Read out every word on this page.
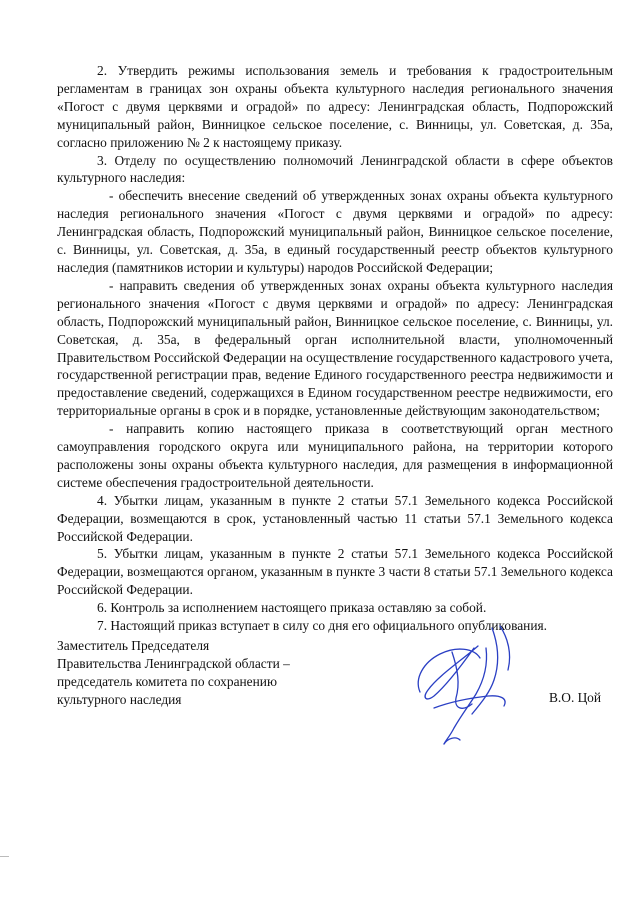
2. Утвердить режимы использования земель и требования к градостроительным регламентам в границах зон охраны объекта культурного наследия регионального значения «Погост с двумя церквями и оградой» по адресу: Ленинградская область, Подпорожский муниципальный район, Винницкое сельское поселение, с. Винницы, ул. Советская, д. 35а, согласно приложению № 2 к настоящему приказу.

3. Отделу по осуществлению полномочий Ленинградской области в сфере объектов культурного наследия:

- обеспечить внесение сведений об утвержденных зонах охраны объекта культурного наследия регионального значения «Погост с двумя церквями и оградой» по адресу: Ленинградская область, Подпорожский муниципальный район, Винницкое сельское поселение, с. Винницы, ул. Советская, д. 35а, в единый государственный реестр объектов культурного наследия (памятников истории и культуры) народов Российской Федерации;

- направить сведения об утвержденных зонах охраны объекта культурного наследия регионального значения «Погост с двумя церквями и оградой» по адресу: Ленинградская область, Подпорожский муниципальный район, Винницкое сельское поселение, с. Винницы, ул. Советская, д. 35а, в федеральный орган исполнительной власти, уполномоченный Правительством Российской Федерации на осуществление государственного кадастрового учета, государственной регистрации прав, ведение Единого государственного реестра недвижимости и предоставление сведений, содержащихся в Едином государственном реестре недвижимости, его территориальные органы в срок и в порядке, установленные действующим законодательством;

- направить копию настоящего приказа в соответствующий орган местного самоуправления городского округа или муниципального района, на территории которого расположены зоны охраны объекта культурного наследия, для размещения в информационной системе обеспечения градостроительной деятельности.

4. Убытки лицам, указанным в пункте 2 статьи 57.1 Земельного кодекса Российской Федерации, возмещаются в срок, установленный частью 11 статьи 57.1 Земельного кодекса Российской Федерации.

5. Убытки лицам, указанным в пункте 2 статьи 57.1 Земельного кодекса Российской Федерации, возмещаются органом, указанным в пункте 3 части 8 статьи 57.1 Земельного кодекса Российской Федерации.

6. Контроль за исполнением настоящего приказа оставляю за собой.

7. Настоящий приказ вступает в силу со дня его официального опубликования.

Заместитель Председателя
Правительства Ленинградской области –
председатель комитета по сохранению
культурного наследия	В.О. Цой
